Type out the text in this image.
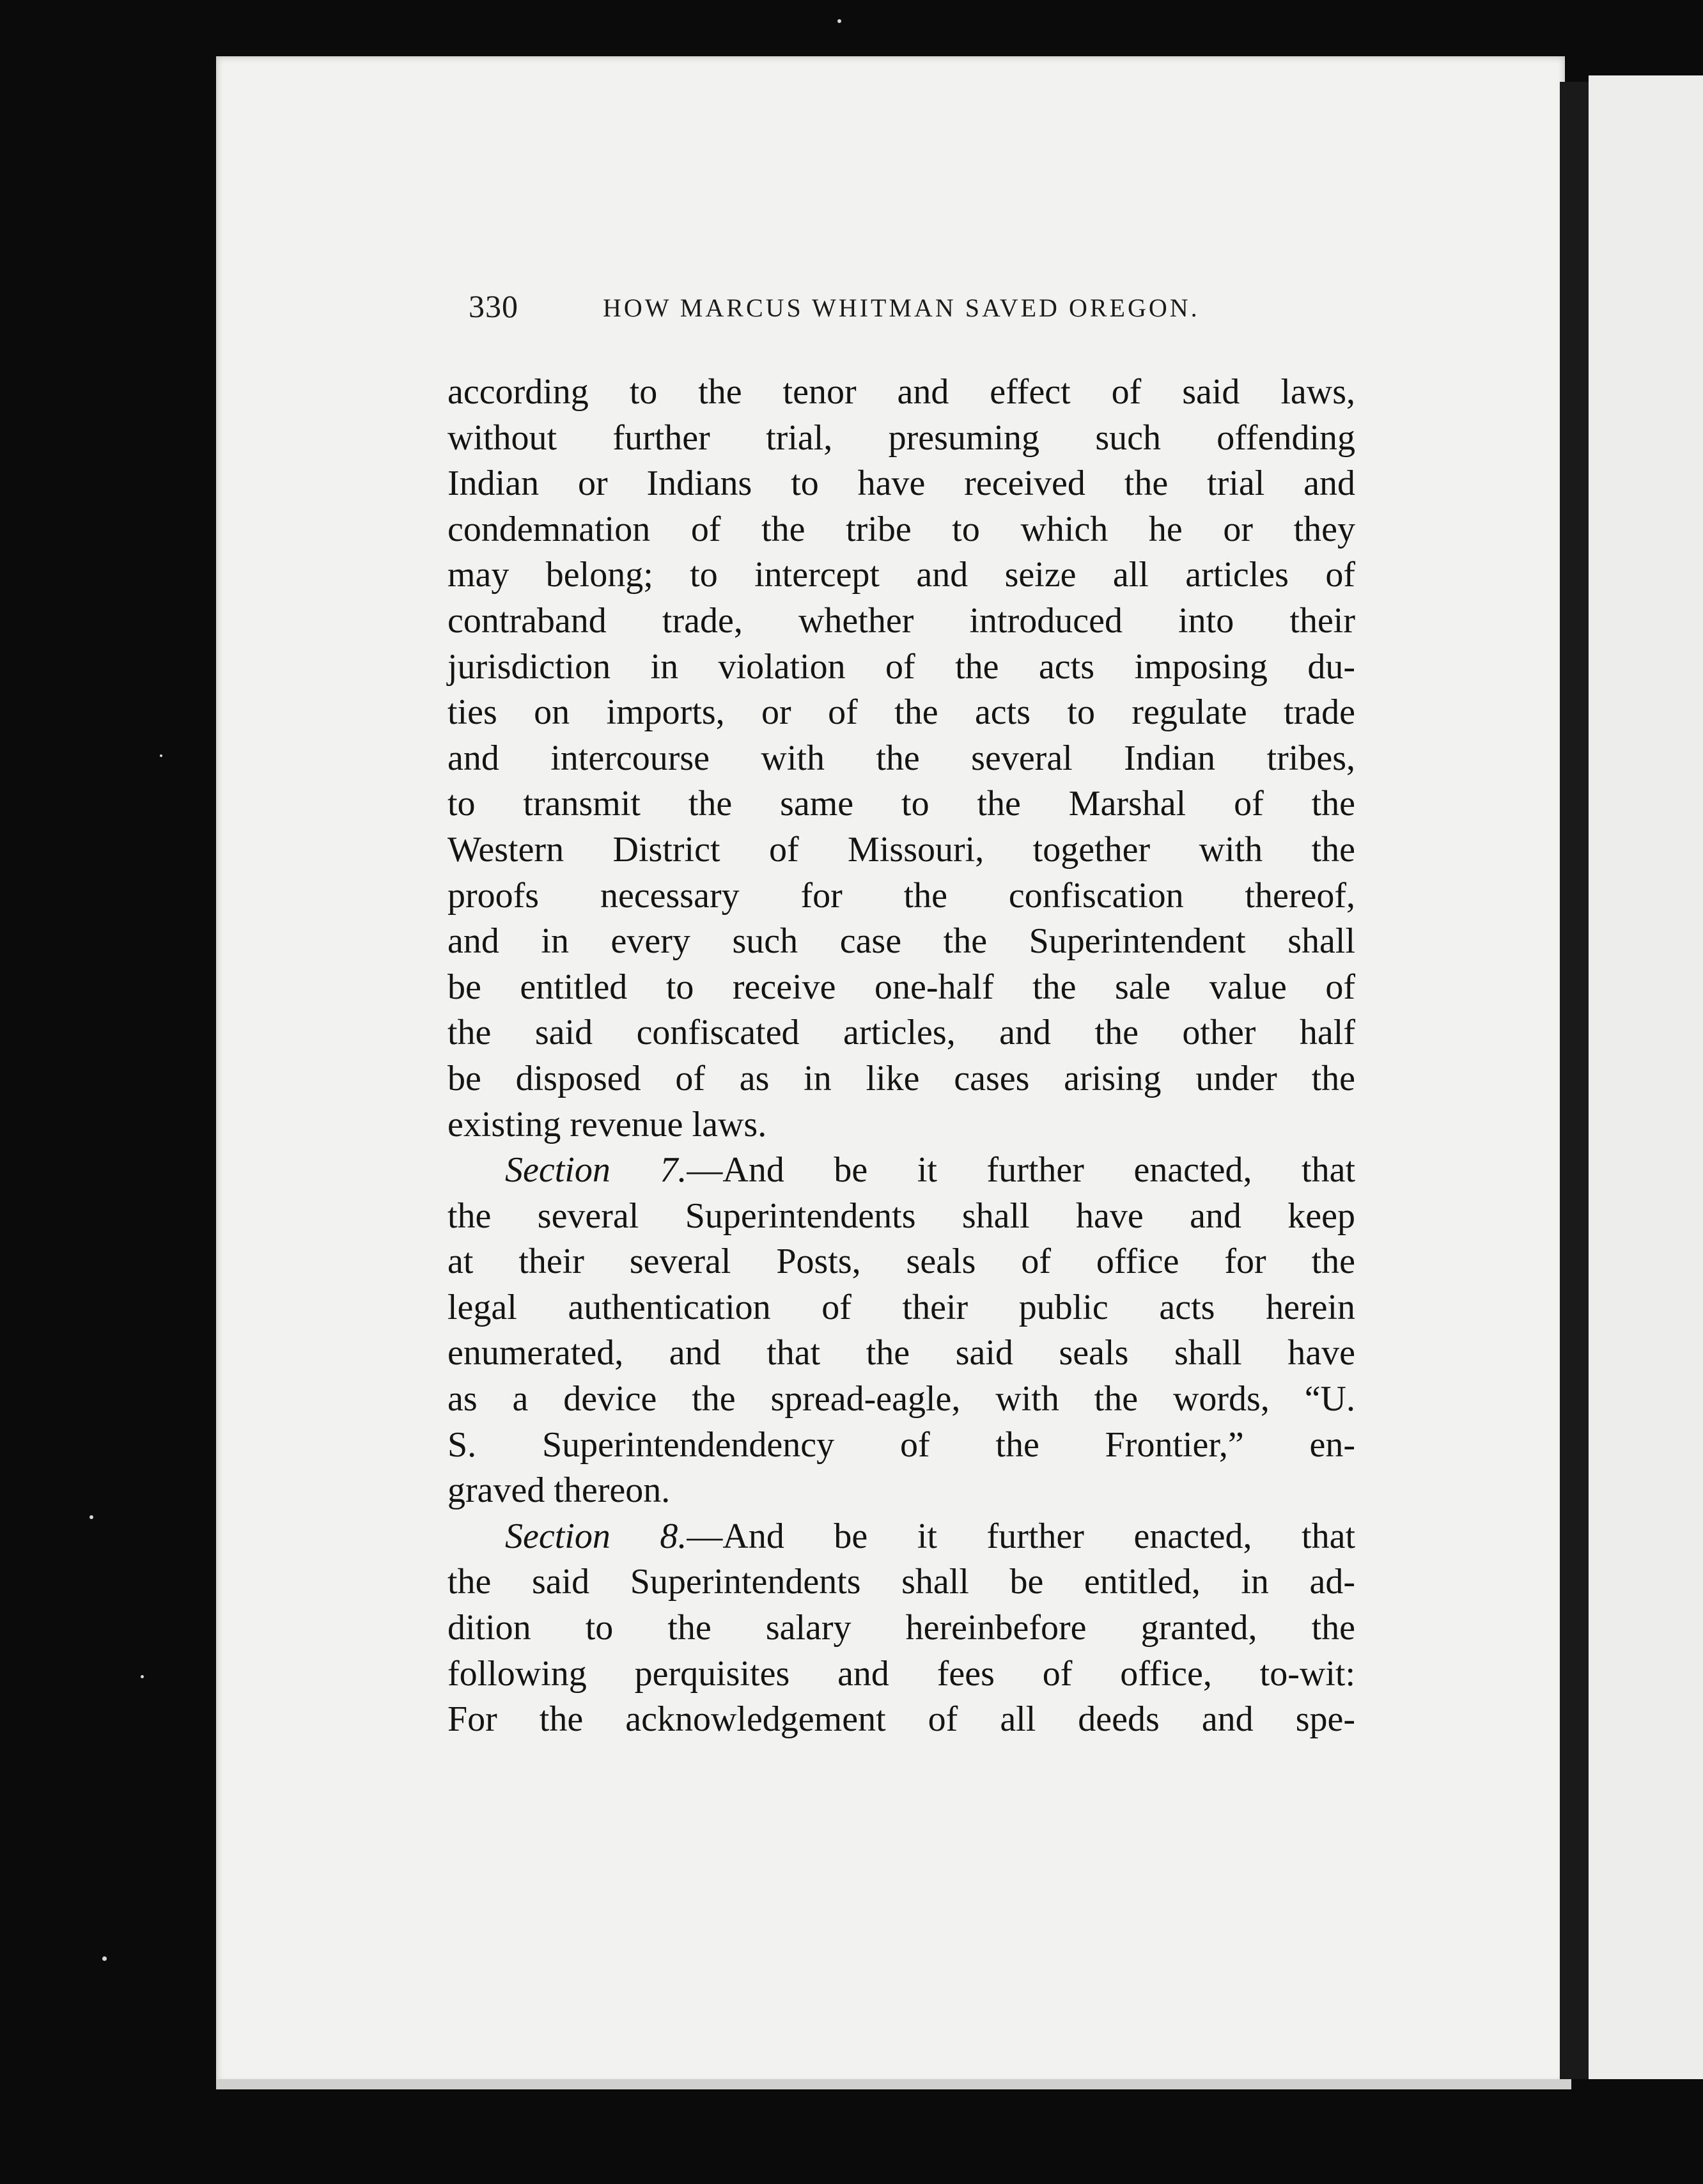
330	HOW MARCUS WHITMAN SAVED OREGON.
according to the tenor and effect of said laws,
without further trial, presuming such offending
Indian or Indians to have received the trial and
condemnation of the tribe to which he or they
may belong; to intercept and seize all articles of
contraband trade, whether introduced into their
jurisdiction in violation of the acts imposing du-
ties on imports, or of the acts to regulate trade
and intercourse with the several Indian tribes,
to transmit the same to the Marshal of the
Western District of Missouri, together with the
proofs necessary for the confiscation thereof,
and in every such case the Superintendent shall
be entitled to receive one-half the sale value of
the said confiscated articles, and the other half
be disposed of as in like cases arising under the
existing revenue laws.
Section 7.—And be it further enacted, that
the several Superintendents shall have and keep
at their several Posts, seals of office for the
legal authentication of their public acts herein
enumerated, and that the said seals shall have
as a device the spread-eagle, with the words, “U.
S. Superintendendency of the Frontier,” en-
graved thereon.
Section 8.—And be it further enacted, that
the said Superintendents shall be entitled, in ad-
dition to the salary hereinbefore granted, the
following perquisites and fees of office, to-wit:
For the acknowledgement of all deeds and spe-
